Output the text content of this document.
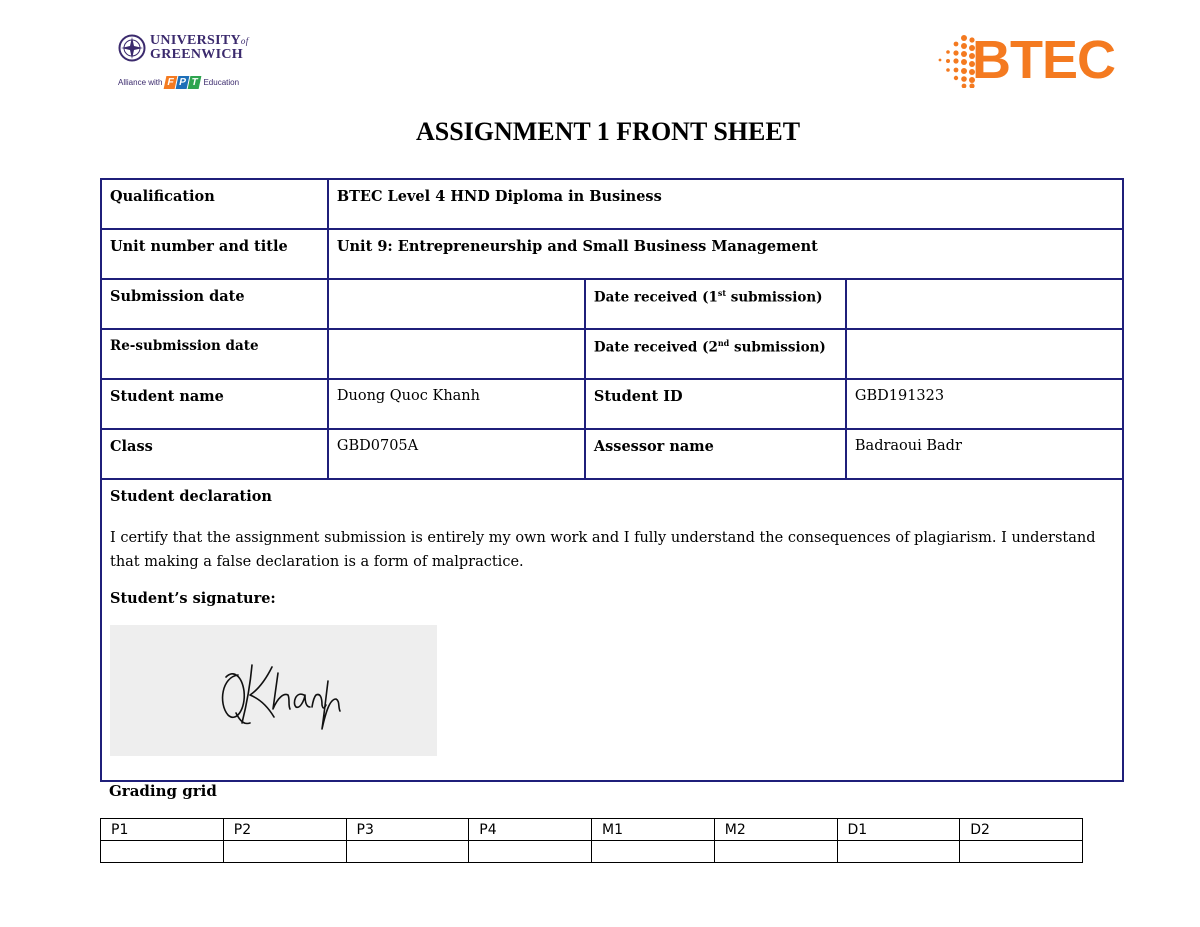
UNIVERSITYof
GREENWICH
Alliance with F P T Education	BTEC
ASSIGNMENT 1 FRONT SHEET
Qualification	BTEC Level 4 HND Diploma in Business		
Unit number and title	Unit 9: Entrepreneurship and Small Business Management		
Submission date		Date received (1st submission)	
Re-submission date		Date received (2nd submission)	
Student name	Duong Quoc Khanh	Student ID	GBD191323
Class	GBD0705A	Assessor name	Badraoui Badr

Student declaration

I certify that the assignment submission is entirely my own work and I fully understand the consequences of plagiarism. I understand that making a false declaration is a form of malpractice.

Student’s signature:			

Grading grid
P1	P2	P3	P4	M1	M2	D1	D2
